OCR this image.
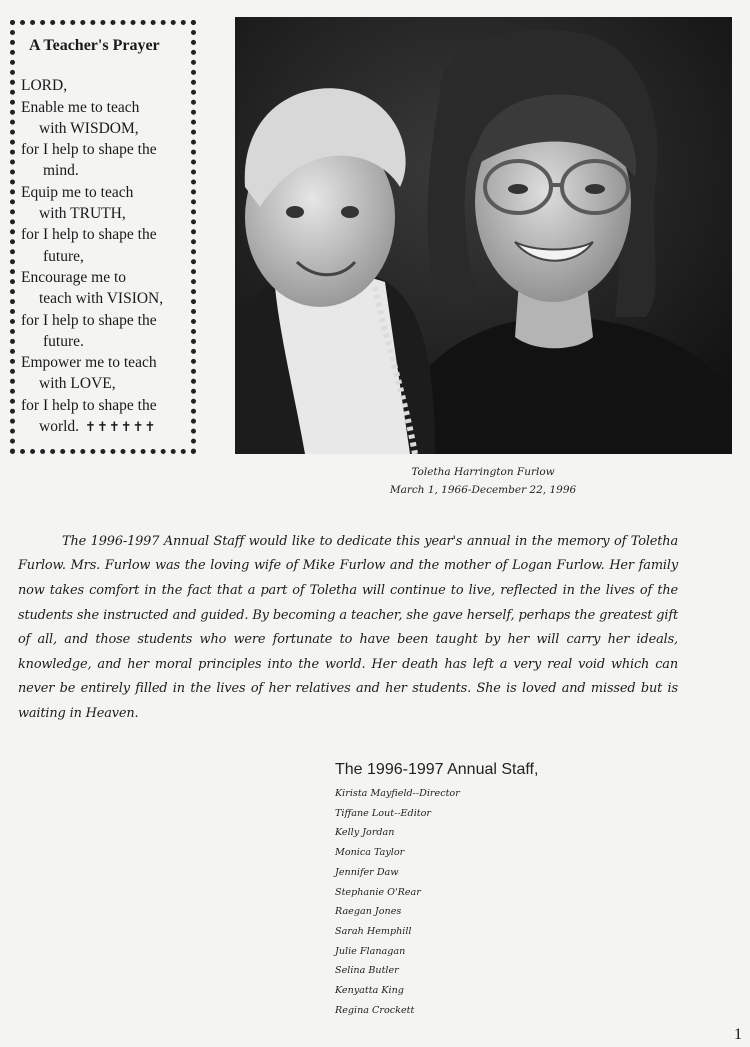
A Teacher's Prayer
LORD,
Enable me to teach
with WISDOM,
for I help to shape the
mind.
Equip me to teach
with TRUTH,
for I help to shape the
future,
Encourage me to
teach with VISION,
for I help to shape the
future.
Empower me to teach
with LOVE,
for I help to shape the
world. ✝✝✝✝✝✝
Toletha Harrington Furlow
March 1, 1966-December 22, 1996

The 1996-1997 Annual Staff would like to dedicate this year's annual in the memory of Toletha Furlow. Mrs. Furlow was the loving wife of Mike Furlow and the mother of Logan Furlow. Her family now takes comfort in the fact that a part of Toletha will continue to live, reflected in the lives of the students she instructed and guided. By becoming a teacher, she gave herself, perhaps the greatest gift of all, and those students who were fortunate to have been taught by her will carry her ideals, knowledge, and her moral principles into the world. Her death has left a very real void which can never be entirely filled in the lives of her relatives and her students. She is loved and missed but is waiting in Heaven.

The 1996-1997 Annual Staff,
Kirista Mayfield--Director
Tiffane Lout--Editor
Kelly Jordan
Monica Taylor
Jennifer Daw
Stephanie O'Rear
Raegan Jones
Sarah Hemphill
Julie Flanagan
Selina Butler
Kenyatta King
Regina Crockett
1
